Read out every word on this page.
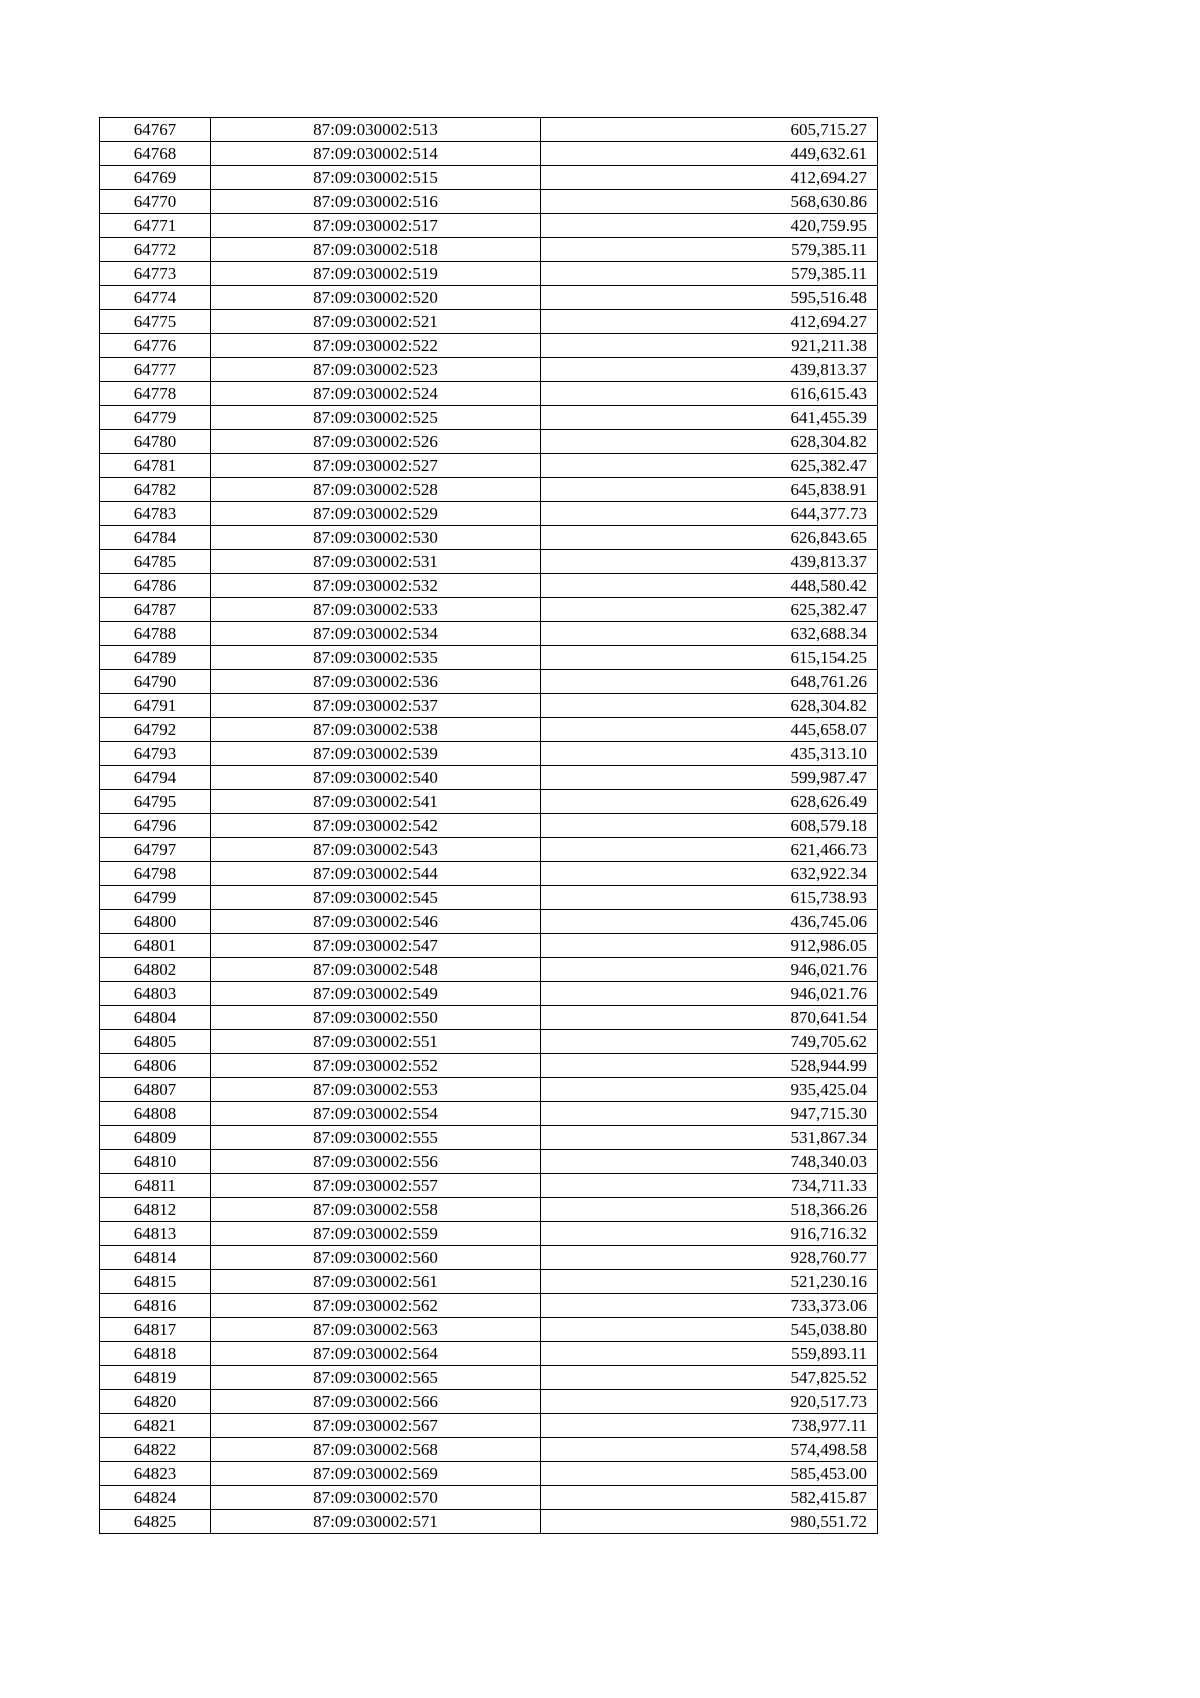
64767	87:09:030002:513	605,715.27
64768	87:09:030002:514	449,632.61
64769	87:09:030002:515	412,694.27
64770	87:09:030002:516	568,630.86
64771	87:09:030002:517	420,759.95
64772	87:09:030002:518	579,385.11
64773	87:09:030002:519	579,385.11
64774	87:09:030002:520	595,516.48
64775	87:09:030002:521	412,694.27
64776	87:09:030002:522	921,211.38
64777	87:09:030002:523	439,813.37
64778	87:09:030002:524	616,615.43
64779	87:09:030002:525	641,455.39
64780	87:09:030002:526	628,304.82
64781	87:09:030002:527	625,382.47
64782	87:09:030002:528	645,838.91
64783	87:09:030002:529	644,377.73
64784	87:09:030002:530	626,843.65
64785	87:09:030002:531	439,813.37
64786	87:09:030002:532	448,580.42
64787	87:09:030002:533	625,382.47
64788	87:09:030002:534	632,688.34
64789	87:09:030002:535	615,154.25
64790	87:09:030002:536	648,761.26
64791	87:09:030002:537	628,304.82
64792	87:09:030002:538	445,658.07
64793	87:09:030002:539	435,313.10
64794	87:09:030002:540	599,987.47
64795	87:09:030002:541	628,626.49
64796	87:09:030002:542	608,579.18
64797	87:09:030002:543	621,466.73
64798	87:09:030002:544	632,922.34
64799	87:09:030002:545	615,738.93
64800	87:09:030002:546	436,745.06
64801	87:09:030002:547	912,986.05
64802	87:09:030002:548	946,021.76
64803	87:09:030002:549	946,021.76
64804	87:09:030002:550	870,641.54
64805	87:09:030002:551	749,705.62
64806	87:09:030002:552	528,944.99
64807	87:09:030002:553	935,425.04
64808	87:09:030002:554	947,715.30
64809	87:09:030002:555	531,867.34
64810	87:09:030002:556	748,340.03
64811	87:09:030002:557	734,711.33
64812	87:09:030002:558	518,366.26
64813	87:09:030002:559	916,716.32
64814	87:09:030002:560	928,760.77
64815	87:09:030002:561	521,230.16
64816	87:09:030002:562	733,373.06
64817	87:09:030002:563	545,038.80
64818	87:09:030002:564	559,893.11
64819	87:09:030002:565	547,825.52
64820	87:09:030002:566	920,517.73
64821	87:09:030002:567	738,977.11
64822	87:09:030002:568	574,498.58
64823	87:09:030002:569	585,453.00
64824	87:09:030002:570	582,415.87
64825	87:09:030002:571	980,551.72
